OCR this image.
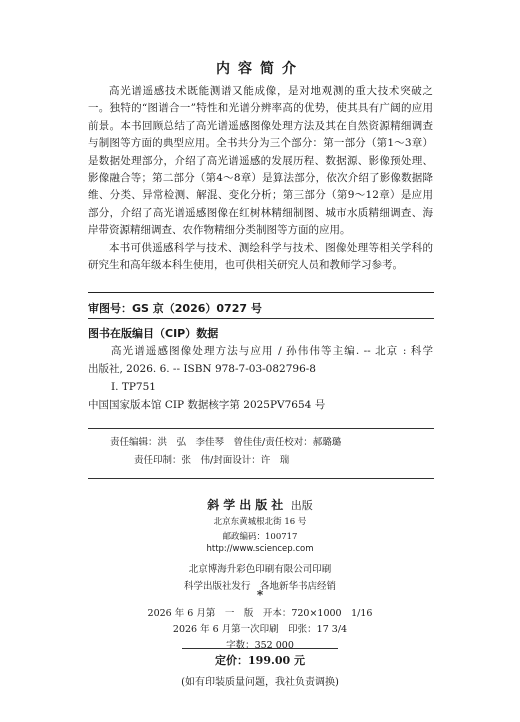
内容简介

高光谱遥感技术既能测谱又能成像，是对地观测的重大技术突破之一。独特的“图谱合一”特性和光谱分辨率高的优势，使其具有广阔的应用前景。本书回顾总结了高光谱遥感图像处理方法及其在自然资源精细调查与制图等方面的典型应用。全书共分为三个部分：第一部分（第1～3章）是数据处理部分，介绍了高光谱遥感的发展历程、数据源、影像预处理、影像融合等；第二部分（第4～8章）是算法部分，依次介绍了影像数据降维、分类、异常检测、解混、变化分析；第三部分（第9～12章）是应用部分，介绍了高光谱遥感图像在红树林精细制图、城市水质精细调查、海岸带资源精细调查、农作物精细分类制图等方面的应用。

本书可供遥感科学与技术、测绘科学与技术、图像处理等相关学科的研究生和高年级本科生使用，也可供相关研究人员和教师学习参考。

审图号：GS 京（2026）0727 号
图书在版编目（CIP）数据
高光谱遥感图像处理方法与应用 / 孙伟伟等主编. -- 北京 : 科学
出版社, 2026. 6. -- ISBN 978-7-03-082796-8
Ⅰ. TP751
中国国家版本馆 CIP 数据核字第 2025PV7654 号
责任编辑：洪　弘　李佳琴　曾佳佳/责任校对：郝璐璐
责任印制：张　伟/封面设计：许　瑞
斜学出版社 出版
北京东黄城根北街 16 号
邮政编码：100717
http://www.sciencep.com
北京博海升彩色印刷有限公司印刷
科学出版社发行　各地新华书店经销
*
2026 年 6 月第　一　版　开本：720×1000　1/16
2026 年 6 月第一次印刷　印张：17 3/4
字数：352 000
定价：199.00 元
(如有印装质量问题，我社负责调换)
